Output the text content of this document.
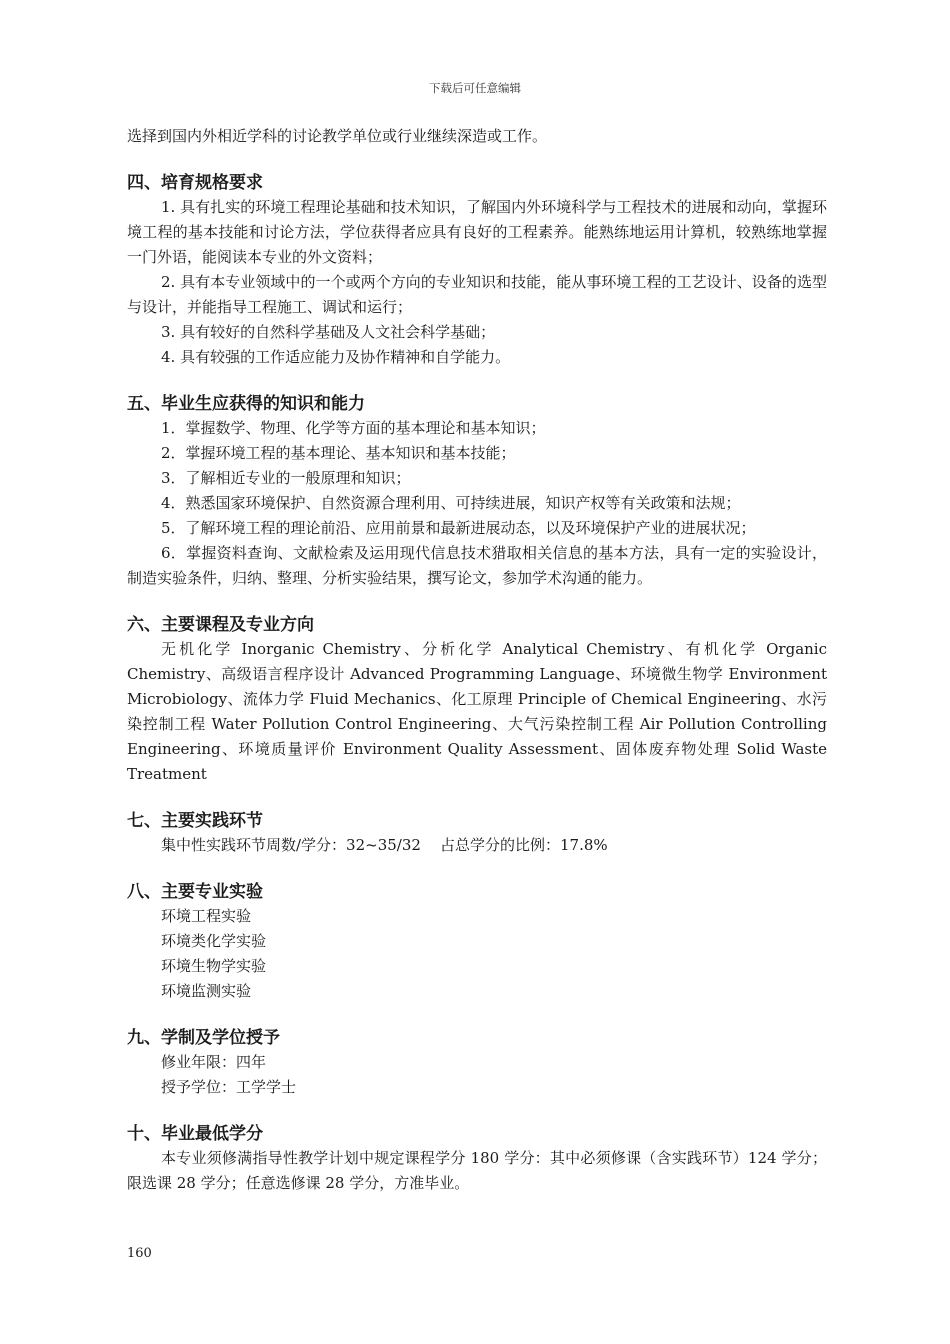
下载后可任意编辑

选择到国内外相近学科的讨论教学单位或行业继续深造或工作。

四、培育规格要求

1. 具有扎实的环境工程理论基础和技术知识，了解国内外环境科学与工程技术的进展和动向，掌握环境工程的基本技能和讨论方法，学位获得者应具有良好的工程素养。能熟练地运用计算机，较熟练地掌握一门外语，能阅读本专业的外文资料；

2. 具有本专业领域中的一个或两个方向的专业知识和技能，能从事环境工程的工艺设计、设备的选型与设计，并能指导工程施工、调试和运行；

3. 具有较好的自然科学基础及人文社会科学基础；

4. 具有较强的工作适应能力及协作精神和自学能力。

五、毕业生应获得的知识和能力

1．掌握数学、物理、化学等方面的基本理论和基本知识；

2．掌握环境工程的基本理论、基本知识和基本技能；

3．了解相近专业的一般原理和知识；

4．熟悉国家环境保护、自然资源合理利用、可持续进展，知识产权等有关政策和法规；

5．了解环境工程的理论前沿、应用前景和最新进展动态，以及环境保护产业的进展状况；

6．掌握资料查询、文献检索及运用现代信息技术猎取相关信息的基本方法，具有一定的实验设计，制造实验条件，归纳、整理、分析实验结果，撰写论文，参加学术沟通的能力。

六、主要课程及专业方向

无机化学 Inorganic Chemistry、分析化学 Analytical Chemistry、有机化学 Organic Chemistry、高级语言程序设计 Advanced Programming Language、环境微生物学 Environment Microbiology、流体力学 Fluid Mechanics、化工原理 Principle of Chemical Engineering、水污染控制工程 Water Pollution Control Engineering、大气污染控制工程 Air Pollution Controlling Engineering、环境质量评价 Environment Quality Assessment、固体废弃物处理 Solid Waste Treatment

七、主要实践环节

集中性实践环节周数/学分：32~35/32    占总学分的比例：17.8%

八、主要专业实验
环境工程实验
环境类化学实验
环境生物学实验
环境监测实验
九、学制及学位授予
修业年限：四年
授予学位：工学学士
十、毕业最低学分

本专业须修满指导性教学计划中规定课程学分 180 学分：其中必须修课（含实践环节）124 学分；限选课 28 学分；任意选修课 28 学分，方准毕业。

160
